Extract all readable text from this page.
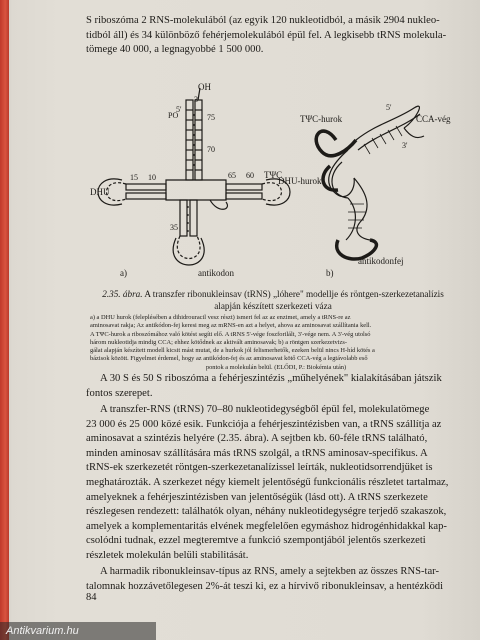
S riboszóma 2 RNS-molekulából (az egyik 120 nukleotidból, a másik 2904 nukleo-

tidból áll) és 34 különböző fehérjemolekulából épül fel. A legkisebb tRNS molekula-

tömege 40 000, a legnagyobbé 1 500 000.

OH
3'
PO
5'
75
70
65 60
15 10
35
DHU
TΨC
antikodon
a)
TΨC-hurok	CCA-vég
5'
3'
DHU-hurok
antikodonfej
b)
2.35. ábra. A transzfer ribonukleinsav (tRNS) „lóhere" modellje és röntgen-szerkezetanalízis
alapján készített szerkezeti váza
a) a DHU hurok (feleplésében a dihidrouracil vesz részt) ismeri fel az az enzimet, amely a tRNS-re az
aminosavat rakja; Az antikódon-fej keresi meg az mRNS-en azt a helyet, ahova az aminosavat szállítania kell.
A TΨC-hurok a riboszómához való kötést segíti elő. A tRNS 5'-vége foszforilált, 3'-vége nem. A 3'-vég utolsó
három nukleotidja mindig CCA; ehhez kötődnek az aktivált aminosavak; b) a röntgen szerkezetvizs-
gálat alapján készített modell kicsit mást mutat, de a hurkok jól felismerhetők, ezeken belül nincs H-híd kötés a
bázisok között. Figyelmet érdemel, hogy az antikódon-fej és az aminosavat kötő CCA-vég a legtávolabb eső
pontok a molekulán belül. (ELŐDI, P.: Biokémia után)

A 30 S és 50 S riboszóma a fehérjeszintézis „műhelyének" kialakításában játszik

fontos szerepet.

A transzfer-RNS (tRNS) 70–80 nukleotidegységből épül fel, molekulatömege

23 000 és 25 000 közé esik. Funkciója a fehérjeszintézisben van, a tRNS szállítja az

aminosavat a szintézis helyére (2.35. ábra). A sejtben kb. 60-féle tRNS található,

minden aminosav szállítására más tRNS szolgál, a tRNS aminosav-specifikus. A

tRNS-ek szerkezetét röntgen-szerkezetanalízissel leírták, nukleotidsorrendjüket is

meghatározták. A szerkezet négy kiemelt jelentőségű funkcionális részletet tartalmaz,

amelyeknek a fehérjeszintézisben van jelentőségük (lásd ott). A tRNS szerkezete

részlegesen rendezett: találhatók olyan, néhány nukleotidegységre terjedő szakaszok,

amelyek a komplementaritás elvének megfelelően egymáshoz hidrogénhidakkal kap-

csolódni tudnak, ezzel megteremtve a funkció szempontjából jelentős szerkezeti

részletek molekulán belüli stabilitását.

A harmadik ribonukleinsav-típus az RNS, amely a sejtekben az összes RNS-tar-

talomnak hozzávetőlegesen 2%-át teszi ki, ez a hírvivő ribonukleinsav, a hentézködi

84
Antikvarium.hu
